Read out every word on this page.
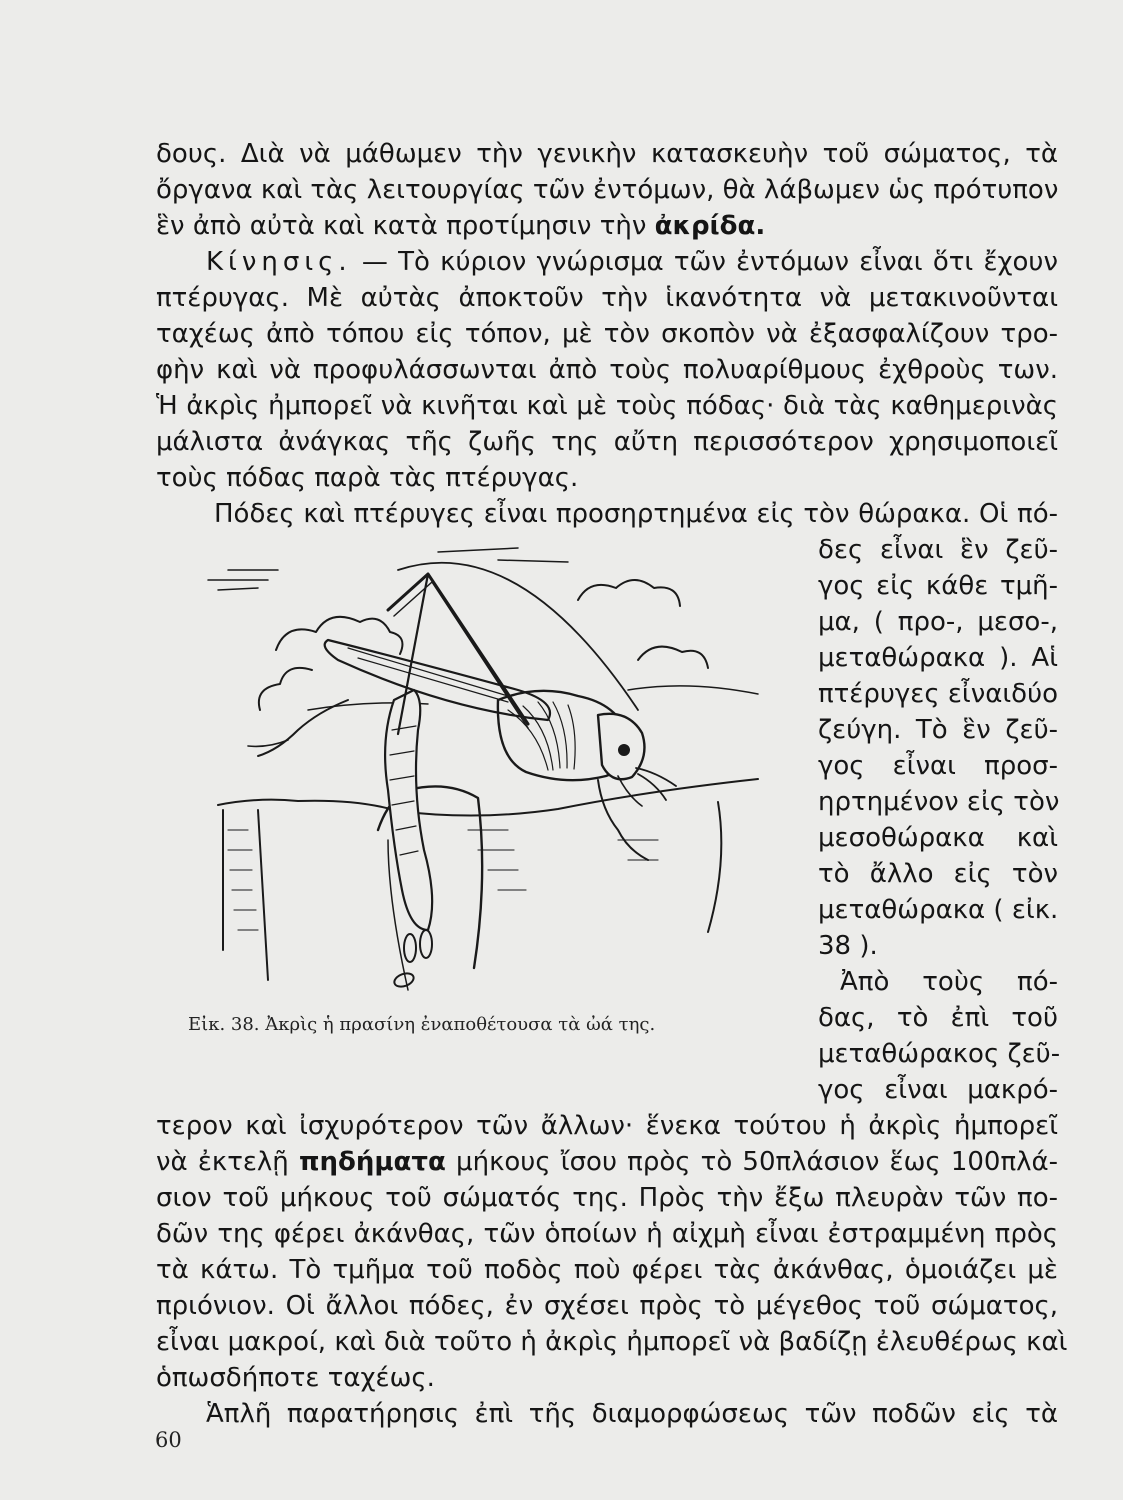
δους. Διὰ νὰ μάθωμεν τὴν γενικὴν κατασκευὴν τοῦ σώματος, τὰ
ὄργανα καὶ τὰς λειτουργίας τῶν ἐντόμων, θὰ λάβωμεν ὡς πρότυπον
ἓν ἀπὸ αὐτὰ καὶ κατὰ προτίμησιν τὴν ἀκρίδα.
Κίνησις. — Τὸ κύριον γνώρισμα τῶν ἐντόμων εἶναι ὅτι ἔχουν
πτέρυγας. Μὲ αὐτὰς ἀποκτοῦν τὴν ἱκανότητα νὰ μετακινοῦνται
ταχέως ἀπὸ τόπου εἰς τόπον, μὲ τὸν σκοπὸν νὰ ἐξασφαλίζουν τρο-
φὴν καὶ νὰ προφυλάσσωνται ἀπὸ τοὺς πολυαρίθμους ἐχθροὺς των.
Ἡ ἀκρὶς ἠμπορεῖ νὰ κινῆται καὶ μὲ τοὺς πόδας· διὰ τὰς καθημερινὰς
μάλιστα ἀνάγκας τῆς ζωῆς της αὔτη περισσότερον χρησιμοποιεῖ
τοὺς πόδας παρὰ τὰς πτέρυγας.
Πόδες καὶ πτέρυγες εἶναι προσηρτημένα εἰς τὸν θώρακα. Οἱ πό-
δες εἶναι ἓν ζεῦ-
γος εἰς κάθε τμῆ-
μα, ( προ-, μεσο-,
μεταθώρακα ). Αἱ
πτέρυγες εἶναιδύο
ζεύγη. Τὸ ἓν ζεῦ-
γος εἶναι προσ-
ηρτημένον εἰς τὸν
μεσοθώρακα καὶ
τὸ ἄλλο εἰς τὸν
μεταθώρακα ( εἰκ.
38 ).
Ἀπὸ τοὺς πό-
δας, τὸ ἐπὶ τοῦ
μεταθώρακος ζεῦ-
γος εἶναι μακρό-
Εἰκ. 38. Ἀκρὶς ἡ πρασίνη ἐναποθέτουσα τὰ ὠά της.
τερον καὶ ἰσχυρότερον τῶν ἄλλων· ἕνεκα τούτου ἡ ἀκρὶς ἠμπορεῖ
νὰ ἐκτελῇ πηδήματα μήκους ἴσου πρὸς τὸ 50πλάσιον ἕως 100πλά-
σιον τοῦ μήκους τοῦ σώματός της. Πρὸς τὴν ἔξω πλευρὰν τῶν πο-
δῶν της φέρει ἀκάνθας, τῶν ὁποίων ἡ αἰχμὴ εἶναι ἐστραμμένη πρὸς
τὰ κάτω. Τὸ τμῆμα τοῦ ποδὸς ποὺ φέρει τὰς ἀκάνθας, ὁμοιάζει μὲ
πριόνιον. Οἱ ἄλλοι πόδες, ἐν σχέσει πρὸς τὸ μέγεθος τοῦ σώματος,
εἶναι μακροί, καὶ διὰ τοῦτο ἡ ἀκρὶς ἠμπορεῖ νὰ βαδίζῃ ἐλευθέρως καὶ
ὁπωσδήποτε ταχέως.
Ἁπλῆ παρατήρησις ἐπὶ τῆς διαμορφώσεως τῶν ποδῶν εἰς τὰ
60
